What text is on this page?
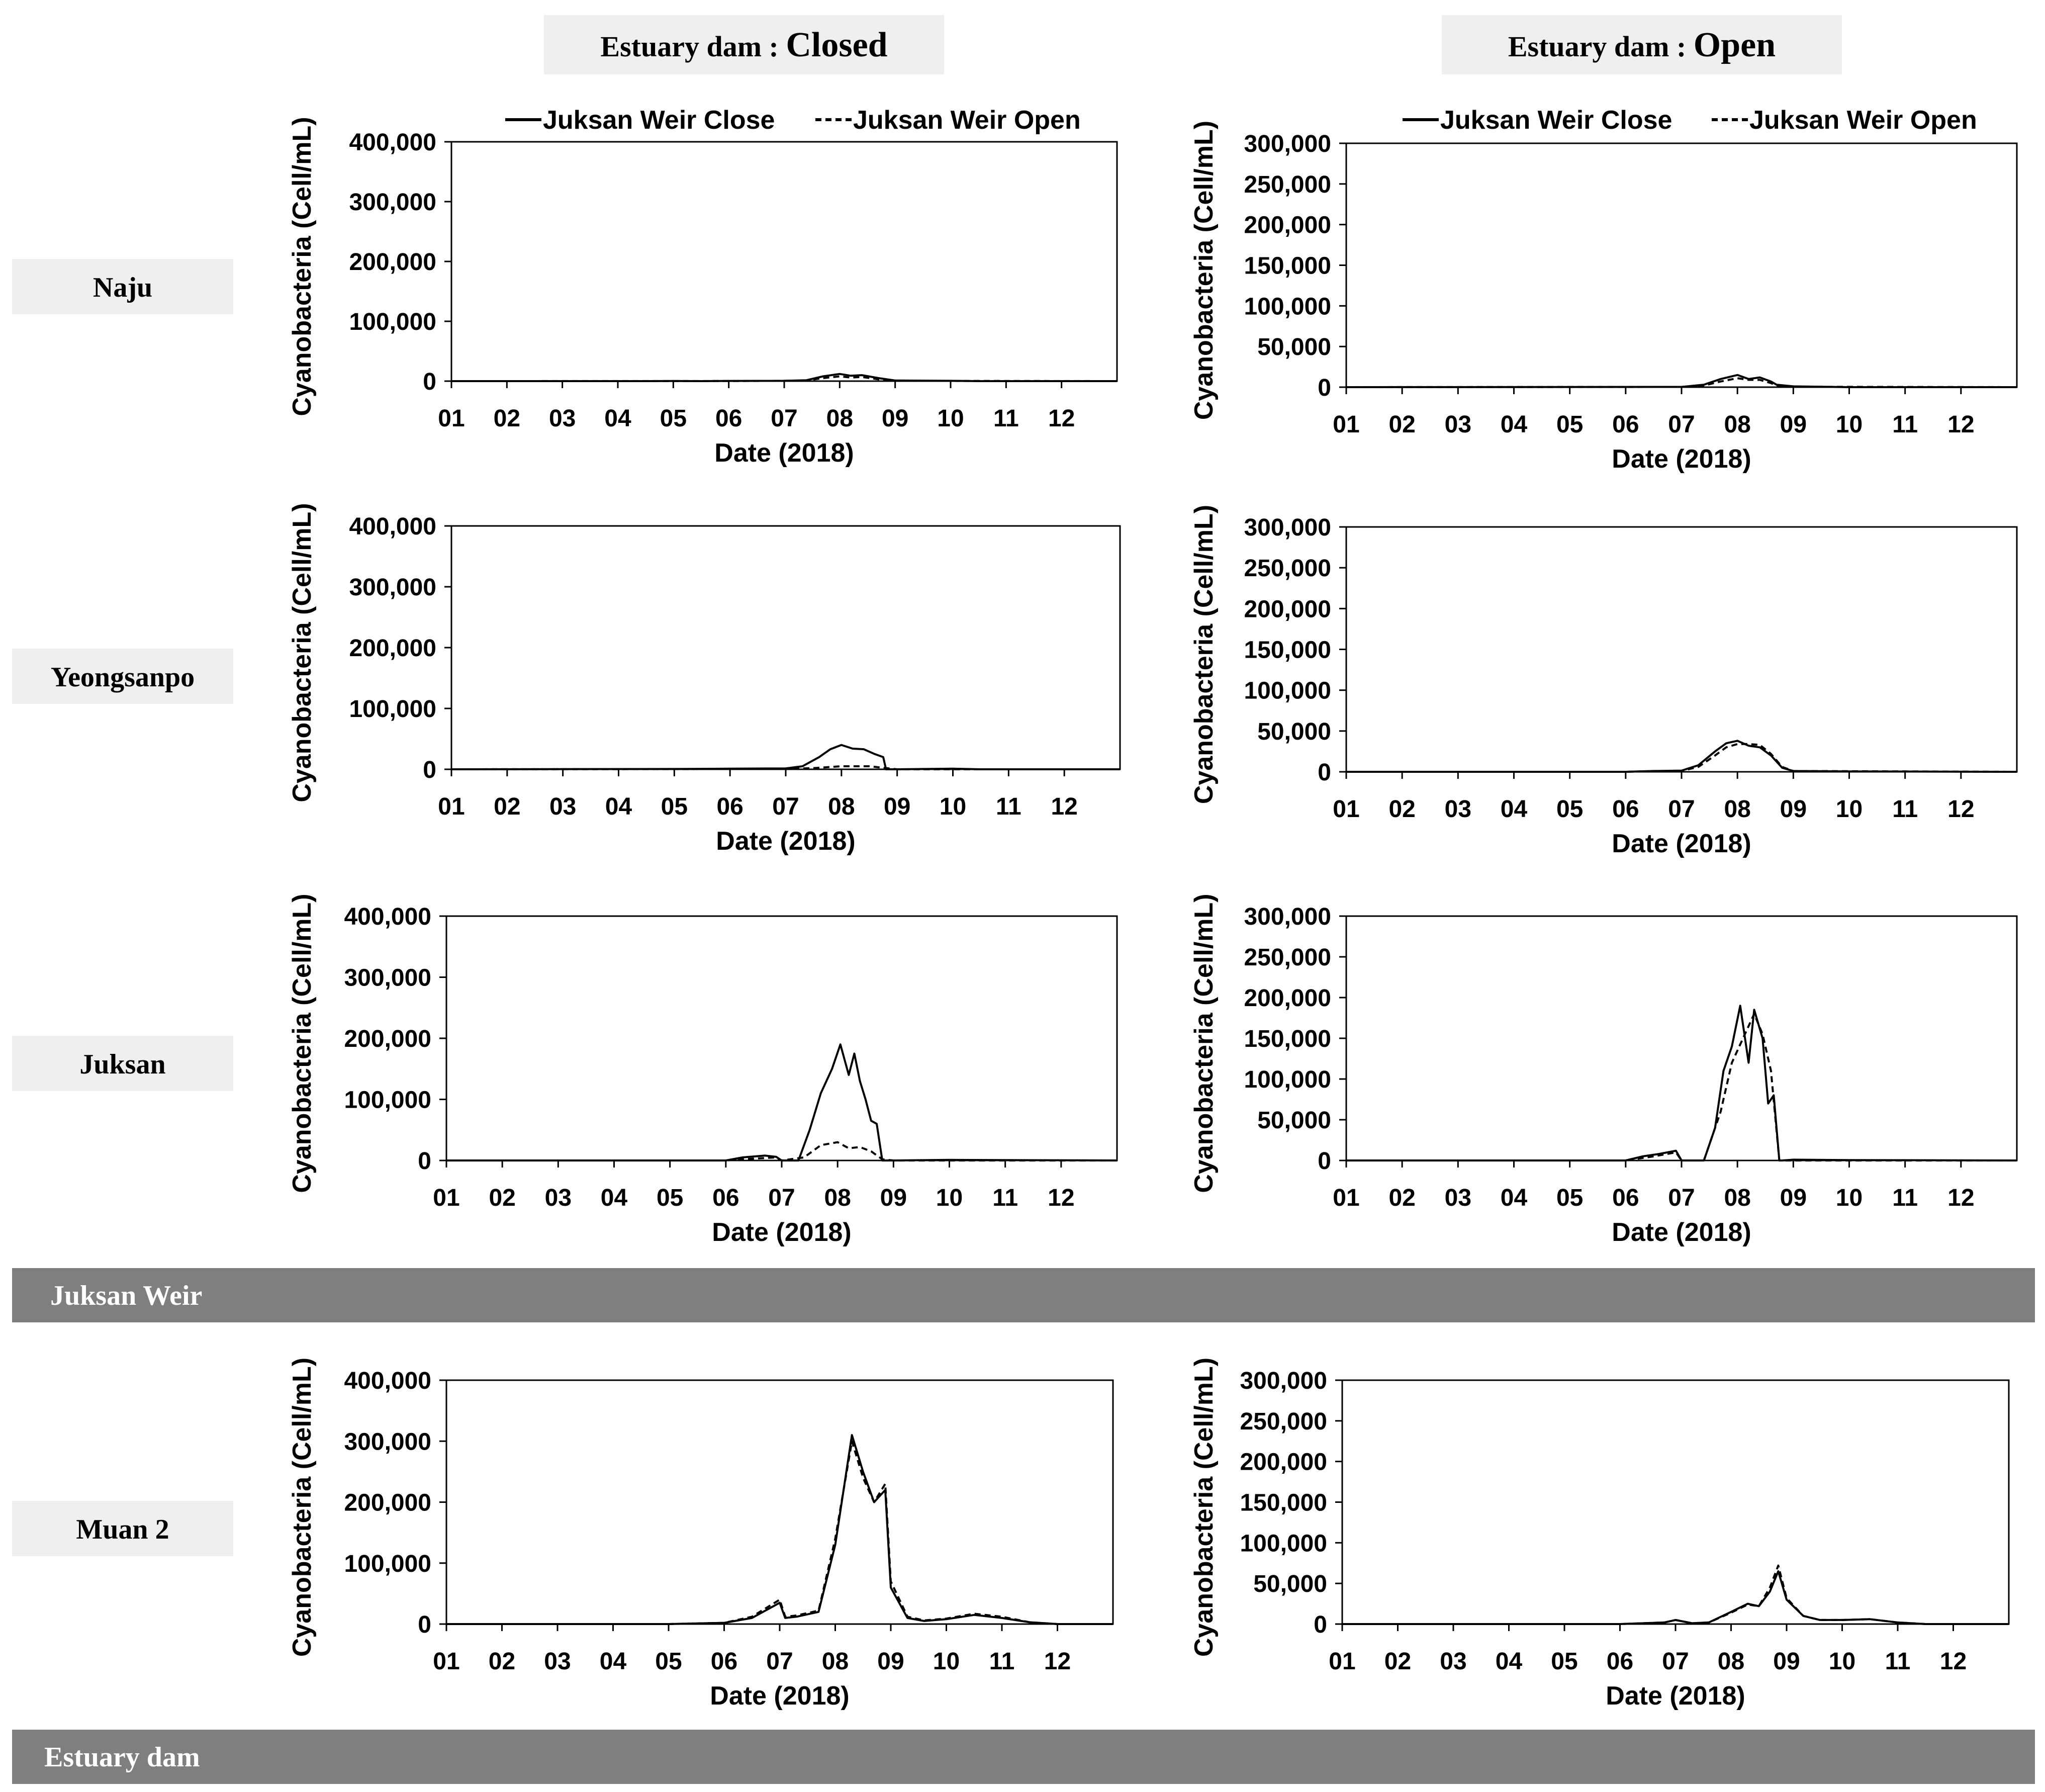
Estuary dam : Closed	Estuary dam : Open
Naju
Yeongsanpo
Juksan
Muan 2
Juksan Weir
Estuary dam
Juksan Weir Close	Juksan Weir Open	Juksan Weir Close	Juksan Weir Open
0
100,000
200,000
300,000
400,000
01 02 03 04 05 06 07 08 09 10 11 12
Date (2018)
Cyanobacteria (Cell/mL)	0
50,000
100,000
150,000
200,000
250,000
300,000
01 02 03 04 05 06 07 08 09 10 11 12
Date (2018)
Cyanobacteria (Cell/mL)
0
100,000
200,000
300,000
400,000
01 02 03 04 05 06 07 08 09 10 11 12
Date (2018)
Cyanobacteria (Cell/mL)	0
50,000
100,000
150,000
200,000
250,000
300,000
01 02 03 04 05 06 07 08 09 10 11 12
Date (2018)
Cyanobacteria (Cell/mL)
0
100,000
200,000
300,000
400,000
01 02 03 04 05 06 07 08 09 10 11 12
Date (2018)
Cyanobacteria (Cell/mL)	0
50,000
100,000
150,000
200,000
250,000
300,000
01 02 03 04 05 06 07 08 09 10 11 12
Date (2018)
Cyanobacteria (Cell/mL)
0
100,000
200,000
300,000
400,000
01 02 03 04 05 06 07 08 09 10 11 12
Date (2018)
Cyanobacteria (Cell/mL)	0
50,000
100,000
150,000
200,000
250,000
300,000
01 02 03 04 05 06 07 08 09 10 11 12
Date (2018)
Cyanobacteria (Cell/mL)
